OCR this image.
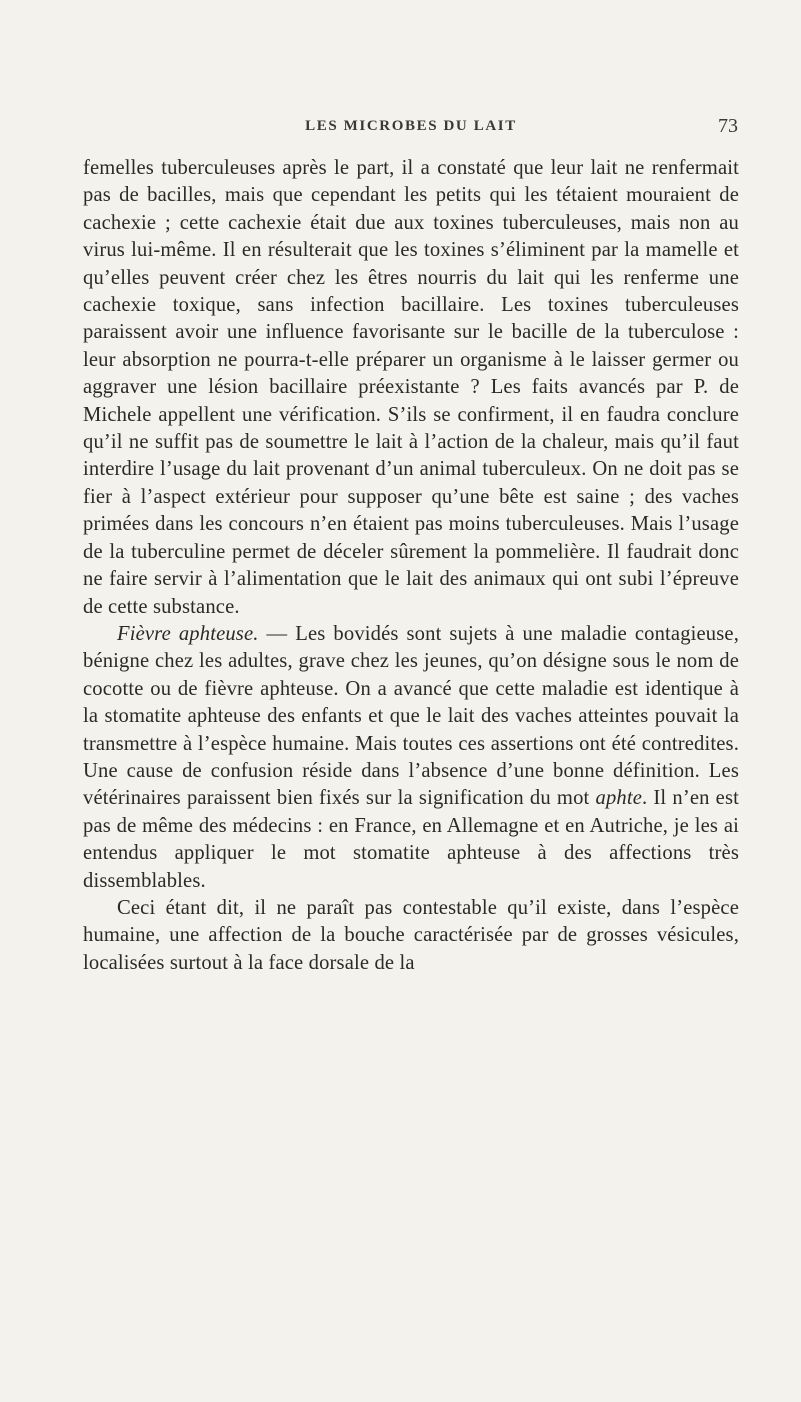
LES MICROBES DU LAIT	73

femelles tuberculeuses après le part, il a constaté que leur lait ne renfermait pas de bacilles, mais que cependant les petits qui les tétaient mouraient de cachexie ; cette cachexie était due aux toxines tuberculeuses, mais non au virus lui-même. Il en résulterait que les toxines s’éliminent par la mamelle et qu’elles peuvent créer chez les êtres nourris du lait qui les renferme une cachexie toxique, sans infection bacillaire. Les toxines tuberculeuses paraissent avoir une influence favorisante sur le bacille de la tuberculose : leur absorption ne pourra-t-elle préparer un organisme à le laisser germer ou aggraver une lésion bacillaire préexistante ? Les faits avancés par P. de Michele appellent une vérification. S’ils se confirment, il en faudra conclure qu’il ne suffit pas de soumettre le lait à l’action de la chaleur, mais qu’il faut interdire l’usage du lait provenant d’un animal tuberculeux. On ne doit pas se fier à l’aspect extérieur pour supposer qu’une bête est saine ; des vaches primées dans les concours n’en étaient pas moins tuberculeuses. Mais l’usage de la tuberculine permet de déceler sûrement la pommelière. Il faudrait donc ne faire servir à l’alimentation que le lait des animaux qui ont subi l’épreuve de cette substance.

Fièvre aphteuse. — Les bovidés sont sujets à une maladie contagieuse, bénigne chez les adultes, grave chez les jeunes, qu’on désigne sous le nom de cocotte ou de fièvre aphteuse. On a avancé que cette maladie est identique à la stomatite aphteuse des enfants et que le lait des vaches atteintes pouvait la transmettre à l’espèce humaine. Mais toutes ces assertions ont été contredites. Une cause de confusion réside dans l’absence d’une bonne définition. Les vétérinaires paraissent bien fixés sur la signification du mot aphte. Il n’en est pas de même des médecins : en France, en Allemagne et en Autriche, je les ai entendus appliquer le mot stomatite aphteuse à des affections très dissemblables.

Ceci étant dit, il ne paraît pas contestable qu’il existe, dans l’espèce humaine, une affection de la bouche caractérisée par de grosses vésicules, localisées surtout à la face dorsale de la
